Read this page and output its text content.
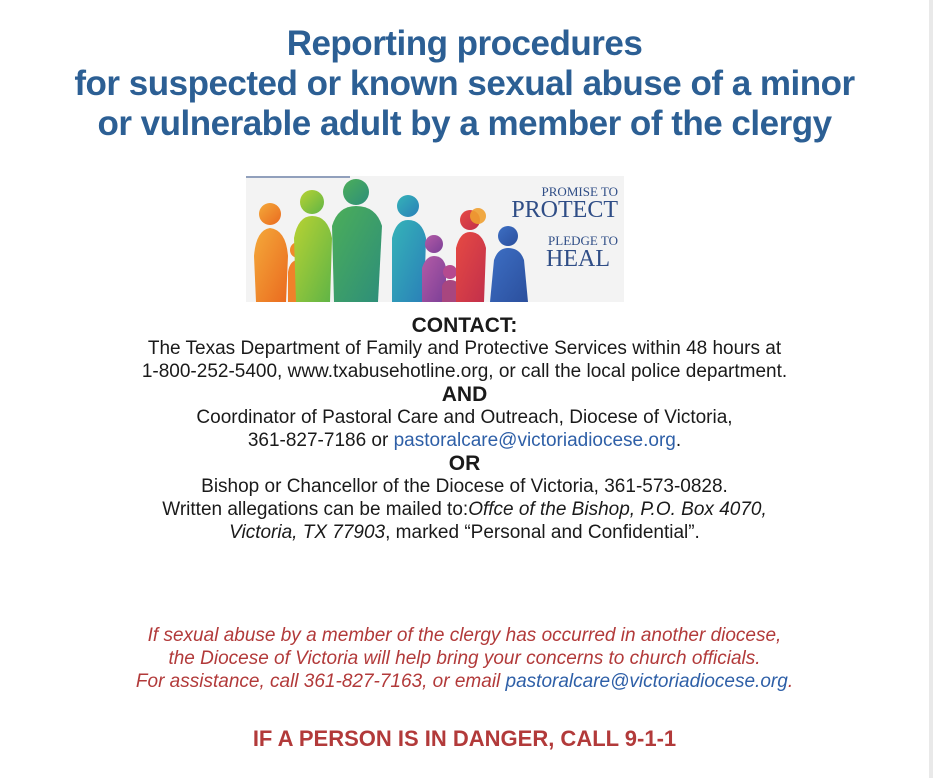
Reporting procedures
for suspected or known sexual abuse of a minor
or vulnerable adult by a member of the clergy
PROMISE TO
PROTECT
PLEDGE TO
HEAL
CONTACT:
The Texas Department of Family and Protective Services within 48 hours at
1-800-252-5400, www.txabusehotline.org, or call the local police department.
AND
Coordinator of Pastoral Care and Outreach, Diocese of Victoria,
361-827-7186 or pastoralcare@victoriadiocese.org.
OR
Bishop or Chancellor of the Diocese of Victoria, 361-573-0828.
Written allegations can be mailed to:Offce of the Bishop, P.O. Box 4070,
Victoria, TX 77903, marked “Personal and Confidential”.
If sexual abuse by a member of the clergy has occurred in another diocese,
the Diocese of Victoria will help bring your concerns to church officials.
For assistance, call 361-827-7163, or email pastoralcare@victoriadiocese.org.
IF A PERSON IS IN DANGER, CALL 9-1-1
